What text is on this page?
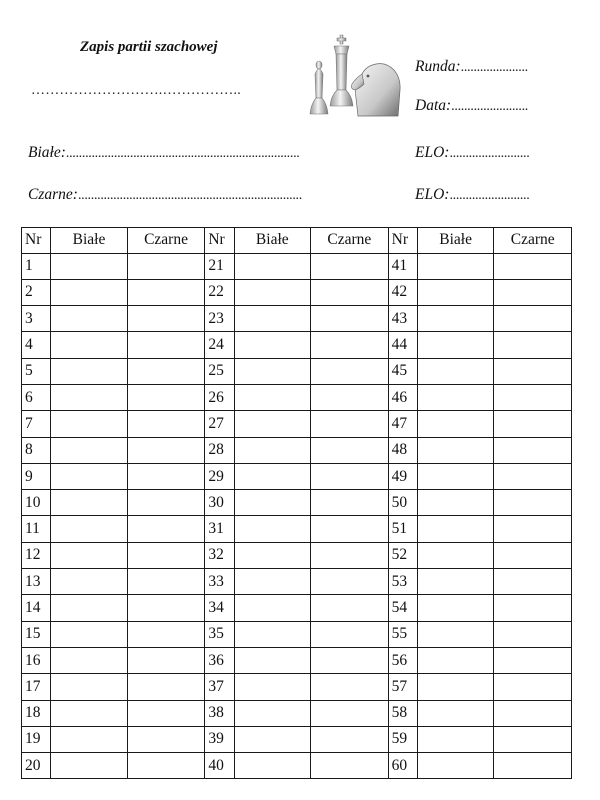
Zapis partii szachowej
……………………….……………..
Runda:.....................
Data:........................
Białe:.........................................................................	ELO:.........................
Czarne:......................................................................	ELO:.........................
Nr	Białe	Czarne	Nr	Białe	Czarne	Nr	Białe	Czarne
1			21			41		
2			22			42		
3			23			43		
4			24			44		
5			25			45		
6			26			46		
7			27			47		
8			28			48		
9			29			49		
10			30			50		
11			31			51		
12			32			52		
13			33			53		
14			34			54		
15			35			55		
16			36			56		
17			37			57		
18			38			58		
19			39			59		
20			40			60		
